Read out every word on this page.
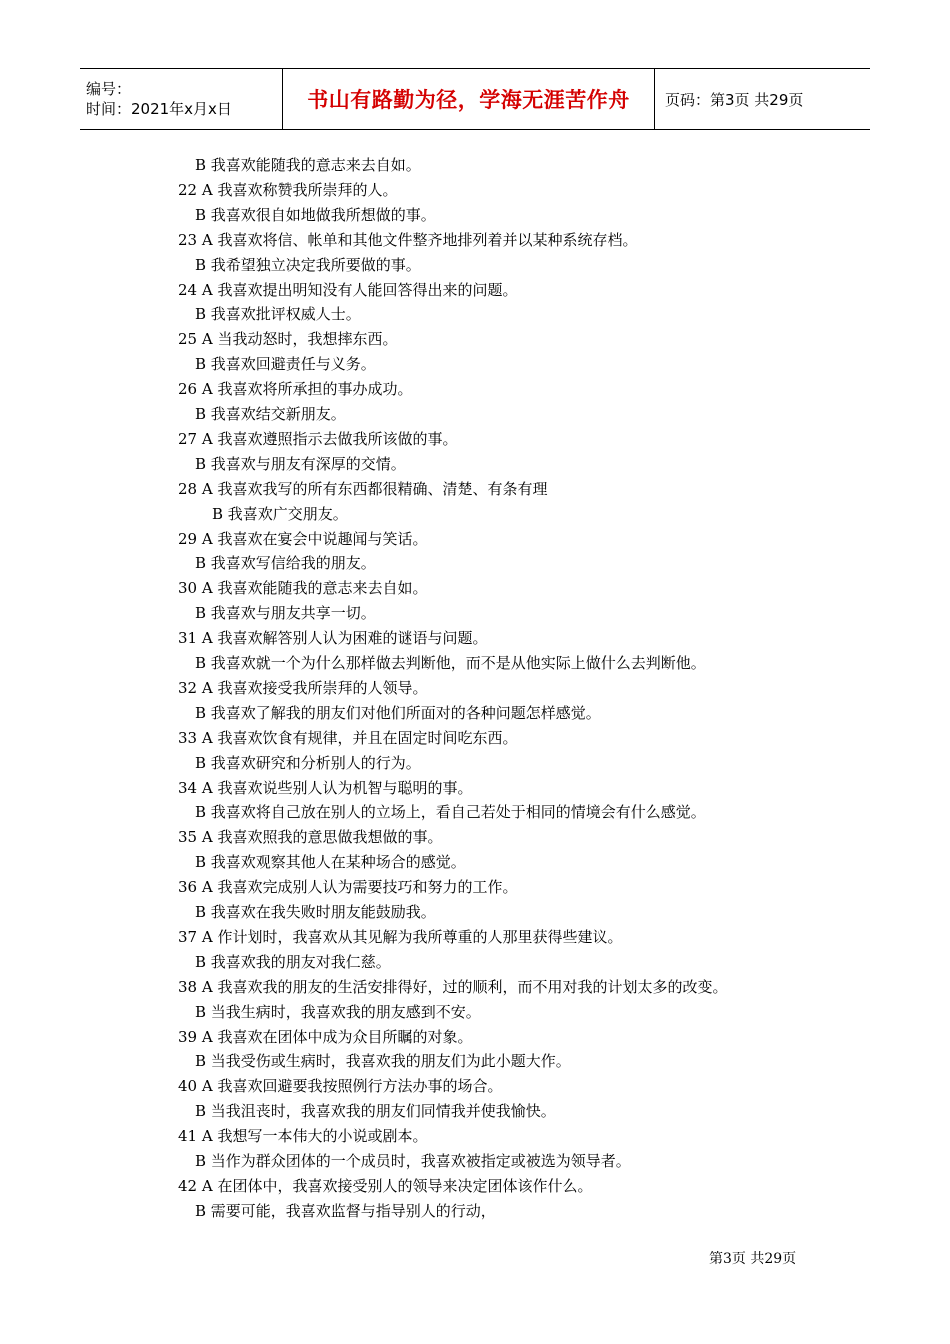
编号：
时间：2021年x月x日	书山有路勤为径，学海无涯苦作舟 页码：第3页 共29页
B 我喜欢能随我的意志来去自如。
22 A 我喜欢称赞我所崇拜的人。
B 我喜欢很自如地做我所想做的事。
23 A 我喜欢将信、帐单和其他文件整齐地排列着并以某种系统存档。
B 我希望独立决定我所要做的事。
24 A 我喜欢提出明知没有人能回答得出来的问题。
B 我喜欢批评权威人士。
25 A 当我动怒时，我想摔东西。
B 我喜欢回避责任与义务。
26 A 我喜欢将所承担的事办成功。
B 我喜欢结交新朋友。
27 A 我喜欢遵照指示去做我所该做的事。
B 我喜欢与朋友有深厚的交情。
28 A 我喜欢我写的所有东西都很精确、清楚、有条有理
B 我喜欢广交朋友。
29 A 我喜欢在宴会中说趣闻与笑话。
B 我喜欢写信给我的朋友。
30 A 我喜欢能随我的意志来去自如。
B 我喜欢与朋友共享一切。
31 A 我喜欢解答别人认为困难的谜语与问题。
B 我喜欢就一个为什么那样做去判断他，而不是从他实际上做什么去判断他。
32 A 我喜欢接受我所崇拜的人领导。
B 我喜欢了解我的朋友们对他们所面对的各种问题怎样感觉。
33 A 我喜欢饮食有规律，并且在固定时间吃东西。
B 我喜欢研究和分析别人的行为。
34 A 我喜欢说些别人认为机智与聪明的事。
B 我喜欢将自己放在别人的立场上，看自己若处于相同的情境会有什么感觉。
35 A 我喜欢照我的意思做我想做的事。
B 我喜欢观察其他人在某种场合的感觉。
36 A 我喜欢完成别人认为需要技巧和努力的工作。
B 我喜欢在我失败时朋友能鼓励我。
37 A 作计划时，我喜欢从其见解为我所尊重的人那里获得些建议。
B 我喜欢我的朋友对我仁慈。
38 A 我喜欢我的朋友的生活安排得好，过的顺利，而不用对我的计划太多的改变。
B 当我生病时，我喜欢我的朋友感到不安。
39 A 我喜欢在团体中成为众目所瞩的对象。
B 当我受伤或生病时，我喜欢我的朋友们为此小题大作。
40 A 我喜欢回避要我按照例行方法办事的场合。
B 当我沮丧时，我喜欢我的朋友们同情我并使我愉快。
41 A 我想写一本伟大的小说或剧本。
B 当作为群众团体的一个成员时，我喜欢被指定或被选为领导者。
42 A 在团体中，我喜欢接受别人的领导来决定团体该作什么。
B 需要可能，我喜欢监督与指导别人的行动，
第3页 共29页
